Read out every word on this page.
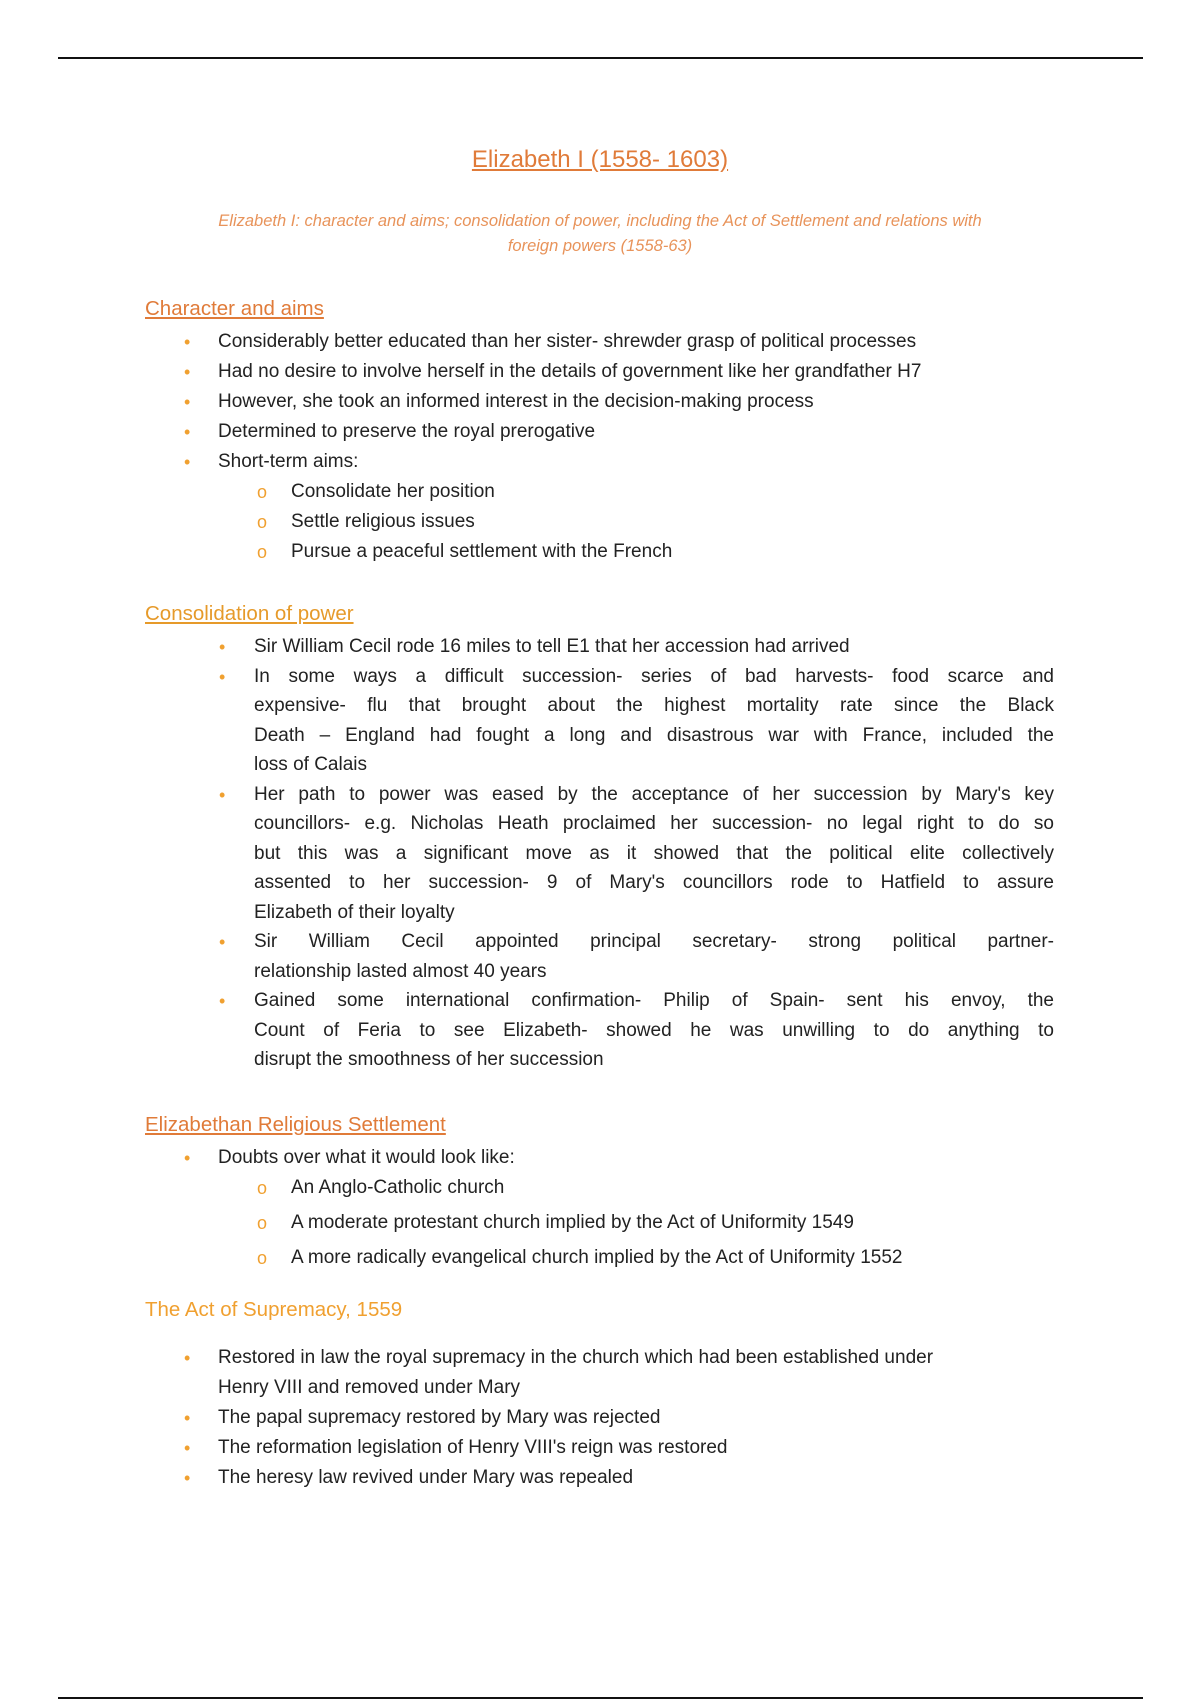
Elizabeth I (1558- 1603)
Elizabeth I: character and aims; consolidation of power, including the Act of Settlement and relations with
foreign powers (1558-63)
Character and aims
• Considerably better educated than her sister- shrewder grasp of political processes
• Had no desire to involve herself in the details of government like her grandfather H7
• However, she took an informed interest in the decision-making process
• Determined to preserve the royal prerogative
• Short-term aims:
o Consolidate her position
o Settle religious issues
o Pursue a peaceful settlement with the French
Consolidation of power
• Sir William Cecil rode 16 miles to tell E1 that her accession had arrived
• In some ways a difficult succession- series of bad harvests- food scarce and
expensive- flu that brought about the highest mortality rate since the Black
Death – England had fought a long and disastrous war with France, included the
loss of Calais
• Her path to power was eased by the acceptance of her succession by Mary's key
councillors- e.g. Nicholas Heath proclaimed her succession- no legal right to do so
but this was a significant move as it showed that the political elite collectively
assented to her succession- 9 of Mary's councillors rode to Hatfield to assure
Elizabeth of their loyalty
• Sir William Cecil appointed principal secretary- strong political partner-
relationship lasted almost 40 years
• Gained some international confirmation- Philip of Spain- sent his envoy, the
Count of Feria to see Elizabeth- showed he was unwilling to do anything to
disrupt the smoothness of her succession
Elizabethan Religious Settlement
• Doubts over what it would look like:
o An Anglo-Catholic church
o A moderate protestant church implied by the Act of Uniformity 1549
o A more radically evangelical church implied by the Act of Uniformity 1552
The Act of Supremacy, 1559
• Restored in law the royal supremacy in the church which had been established under
Henry VIII and removed under Mary
• The papal supremacy restored by Mary was rejected
• The reformation legislation of Henry VIII's reign was restored
• The heresy law revived under Mary was repealed
